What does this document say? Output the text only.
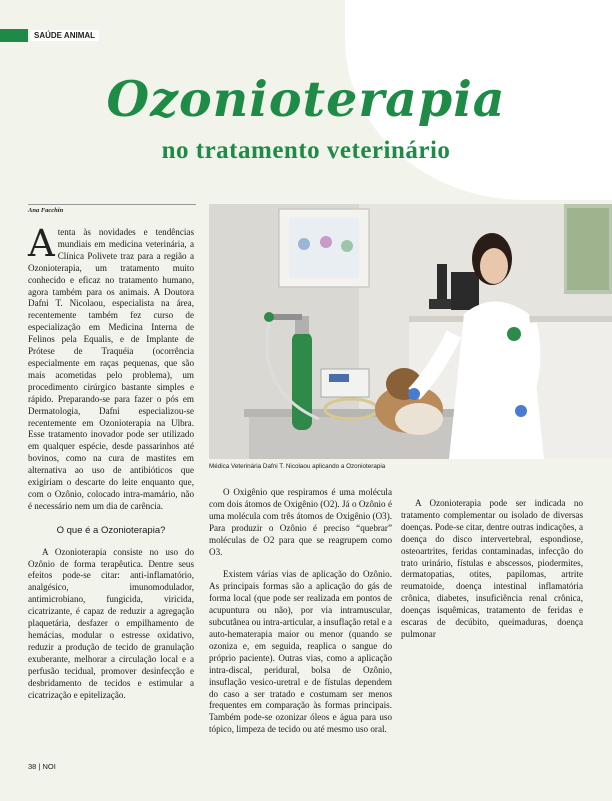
SAÚDE ANIMAL
Ozonioterapia
no tratamento veterinário
Ana Facchin
Médica Veterinária Dafni T. Nicolaou aplicando a Ozonioterapia

Atenta às novidades e tendências mundiais em medicina veterinária, a Clínica Polivete traz para a região a Ozonioterapia, um tratamento muito conhecido e eficaz no tratamento humano, agora também para os animais. A Doutora Dafni T. Nicolaou, especialista na área, recentemente também fez curso de especialização em Medicina Interna de Felinos pela Equalis, e de Implante de Prótese de Traquéia (ocorrência especialmente em raças pequenas, que são mais acometidas pelo problema), um procedimento cirúrgico bastante simples e rápido. Preparando-se para fazer o pós em Dermatologia, Dafni especializou-se recentemente em Ozonioterapia na Ulbra. Esse tratamento inovador pode ser utilizado em qualquer espécie, desde passarinhos até bovinos, como na cura de mastites em alternativa ao uso de antibióticos que exigiriam o descarte do leite enquanto que, com o Ozônio, colocado intra-mamário, não é necessário nem um dia de carência.

O que é a Ozonioterapia?

A Ozonioterapia consiste no uso do Ozônio de forma terapêutica. Dentre seus efeitos pode-se citar: anti-inflamatório, analgésico, imunomodulador, antimicrobiano, fungicida, viricida, cicatrizante, é capaz de reduzir a agregação plaquetária, desfazer o empilhamento de hemácias, modular o estresse oxidativo, reduzir a produção de tecido de granulação exuberante, melhorar a circulação local e a perfusão tecidual, promover desinfecção e desbridamento de tecidos e estimular a cicatrização e epitelização.

O Oxigênio que respiramos é uma molécula com dois átomos de Oxigênio (O2). Já o Ozônio é uma molécula com três átomos de Oxigênio (O3). Para produzir o Ozônio é preciso “quebrar” moléculas de O2 para que se reagrupem como O3.

Existem várias vias de aplicação do Ozônio. As principais formas são a aplicação do gás de forma local (que pode ser realizada em pontos de acupuntura ou não), por via intramuscular, subcutânea ou intra-articular, a insuflação retal e a auto-hematerapia maior ou menor (quando se ozoniza e, em seguida, reaplica o sangue do próprio paciente). Outras vias, como a aplicação intra-discal, peridural, bolsa de Ozônio, insuflação vesico-uretral e de fístulas dependem do caso a ser tratado e costumam ser menos frequentes em comparação às formas principais. Também pode-se ozonizar óleos e água para uso tópico, limpeza de tecido ou até mesmo uso oral.

A Ozonioterapia pode ser indicada no tratamento complementar ou isolado de diversas doenças. Pode-se citar, dentre outras indicações, a doença do disco intervertebral, espondiose, osteoartrites, feridas contaminadas, infecção do trato urinário, fístulas e abscessos, piodermites, dermatopatias, otites, papilomas, artrite reumatoide, doença intestinal inflamatória crônica, diabetes, insuficiência renal crônica, doenças isquêmicas, tratamento de feridas e escaras de decúbito, queimaduras, doença pulmonar

38 | NOI
